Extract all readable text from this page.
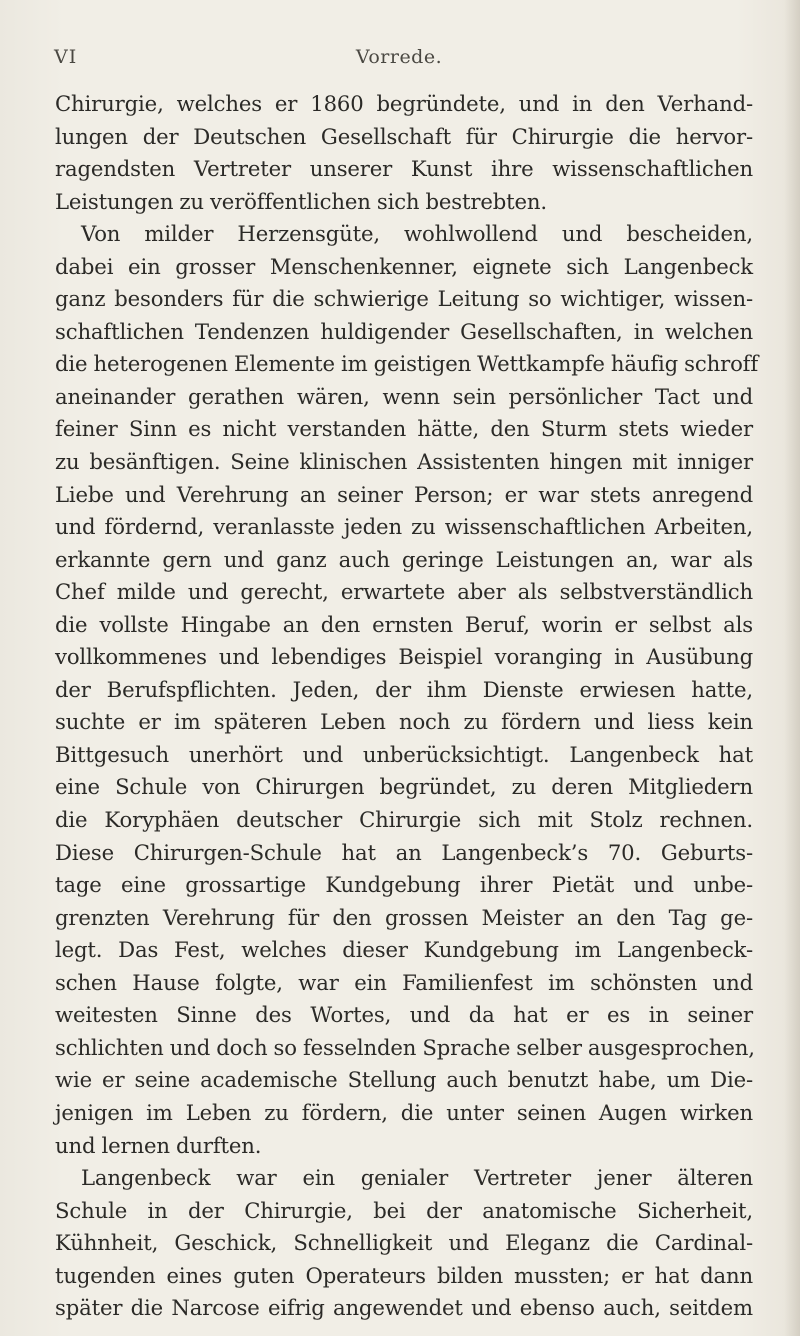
VI	Vorrede.
Chirurgie, welches er 1860 begründete, und in den Verhand-
lungen der Deutschen Gesellschaft für Chirurgie die hervor-
ragendsten Vertreter unserer Kunst ihre wissenschaftlichen
Leistungen zu veröffentlichen sich bestrebten.
Von milder Herzensgüte, wohlwollend und bescheiden,
dabei ein grosser Menschenkenner, eignete sich Langenbeck
ganz besonders für die schwierige Leitung so wichtiger, wissen-
schaftlichen Tendenzen huldigender Gesellschaften, in welchen
die heterogenen Elemente im geistigen Wettkampfe häufig schroff
aneinander gerathen wären, wenn sein persönlicher Tact und
feiner Sinn es nicht verstanden hätte, den Sturm stets wieder
zu besänftigen. Seine klinischen Assistenten hingen mit inniger
Liebe und Verehrung an seiner Person; er war stets anregend
und fördernd, veranlasste jeden zu wissenschaftlichen Arbeiten,
erkannte gern und ganz auch geringe Leistungen an, war als
Chef milde und gerecht, erwartete aber als selbstverständlich
die vollste Hingabe an den ernsten Beruf, worin er selbst als
vollkommenes und lebendiges Beispiel voranging in Ausübung
der Berufspflichten. Jeden, der ihm Dienste erwiesen hatte,
suchte er im späteren Leben noch zu fördern und liess kein
Bittgesuch unerhört und unberücksichtigt. Langenbeck hat
eine Schule von Chirurgen begründet, zu deren Mitgliedern
die Koryphäen deutscher Chirurgie sich mit Stolz rechnen.
Diese Chirurgen-Schule hat an Langenbeck’s 70. Geburts-
tage eine grossartige Kundgebung ihrer Pietät und unbe-
grenzten Verehrung für den grossen Meister an den Tag ge-
legt. Das Fest, welches dieser Kundgebung im Langenbeck-
schen Hause folgte, war ein Familienfest im schönsten und
weitesten Sinne des Wortes, und da hat er es in seiner
schlichten und doch so fesselnden Sprache selber ausgesprochen,
wie er seine academische Stellung auch benutzt habe, um Die-
jenigen im Leben zu fördern, die unter seinen Augen wirken
und lernen durften.
Langenbeck war ein genialer Vertreter jener älteren
Schule in der Chirurgie, bei der anatomische Sicherheit,
Kühnheit, Geschick, Schnelligkeit und Eleganz die Cardinal-
tugenden eines guten Operateurs bilden mussten; er hat dann
später die Narcose eifrig angewendet und ebenso auch, seitdem
